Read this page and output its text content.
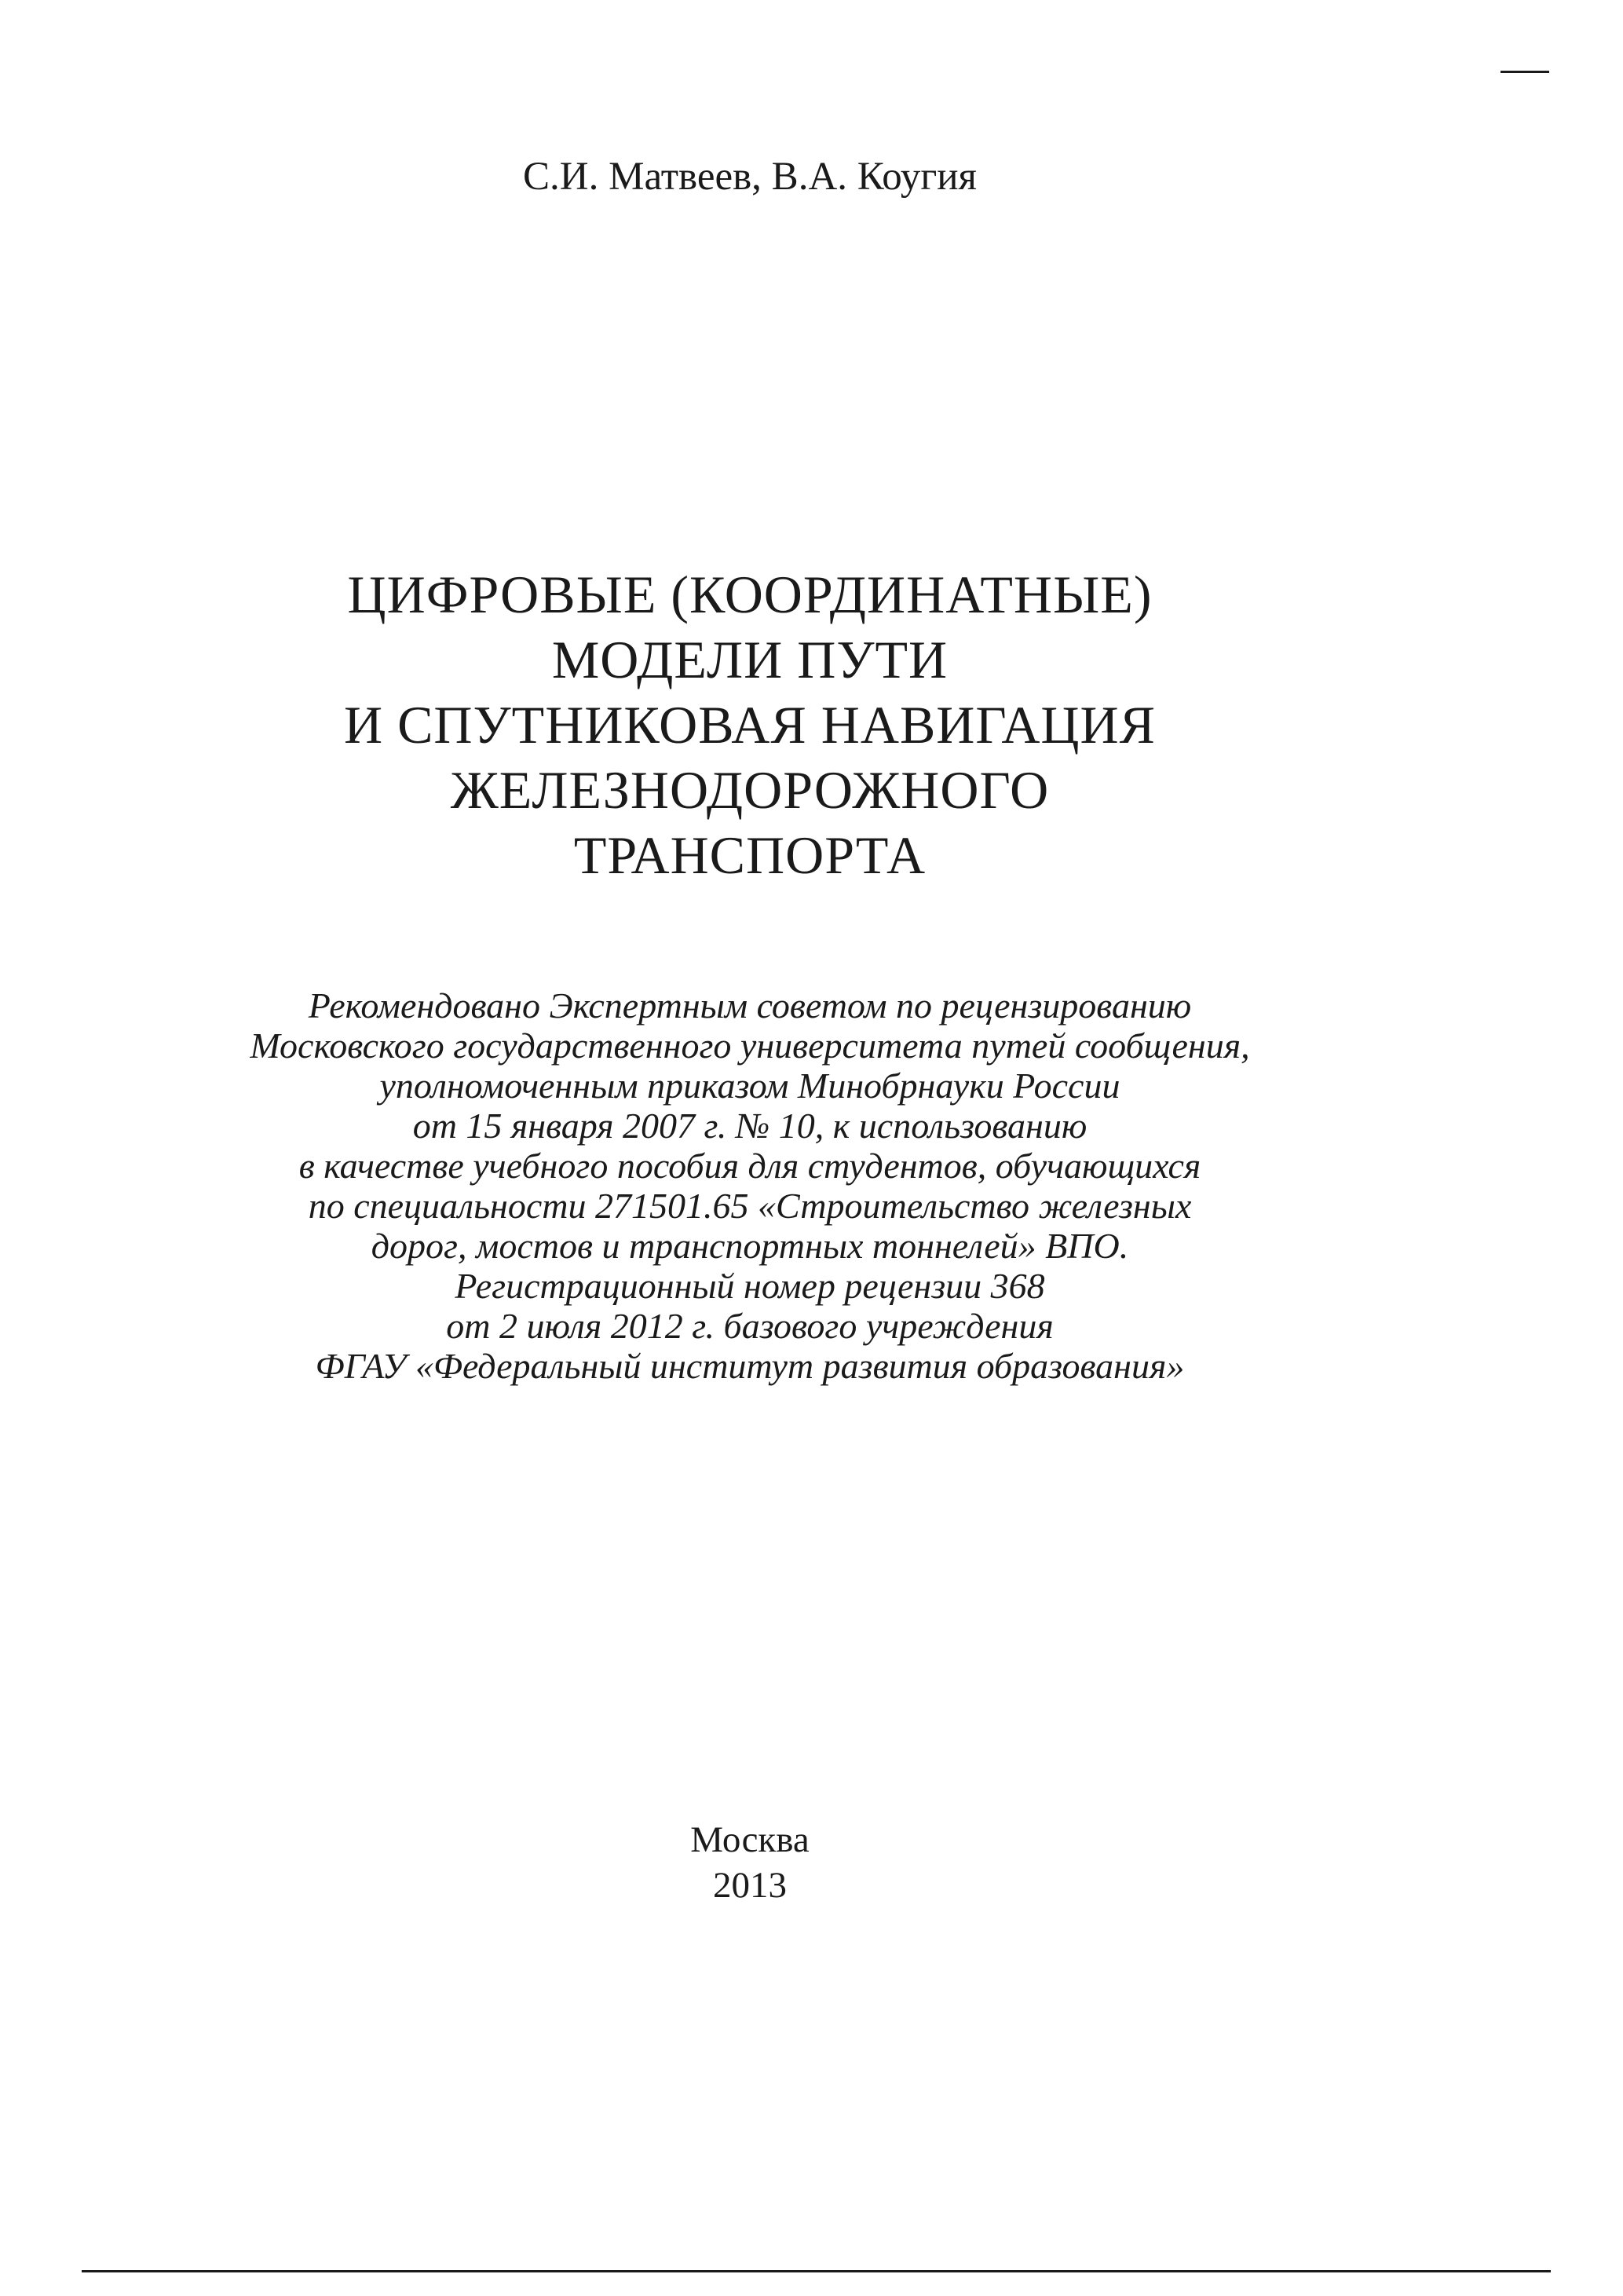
С.И. Матвеев, В.А. Коугия
ЦИФРОВЫЕ (КООРДИНАТНЫЕ)
МОДЕЛИ ПУТИ
И СПУТНИКОВАЯ НАВИГАЦИЯ
ЖЕЛЕЗНОДОРОЖНОГО
ТРАНСПОРТА
Рекомендовано Экспертным советом по рецензированию
Московского государственного университета путей сообщения,
уполномоченным приказом Минобрнауки России
от 15 января 2007 г. № 10, к использованию
в качестве учебного пособия для студентов, обучающихся
по специальности 271501.65 «Строительство железных
дорог, мостов и транспортных тоннелей» ВПО.
Регистрационный номер рецензии 368
от 2 июля 2012 г. базового учреждения
ФГАУ «Федеральный институт развития образования»
Москва
2013
